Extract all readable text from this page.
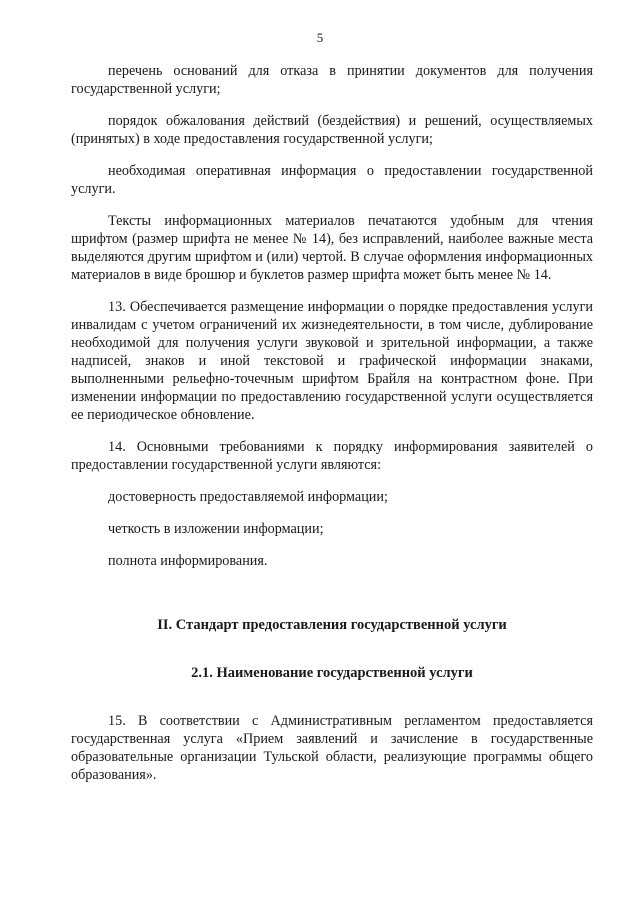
5

перечень оснований для отказа в принятии документов для получения государственной услуги;

порядок обжалования действий (бездействия) и решений, осуществляемых (принятых) в ходе предоставления государственной услуги;

необходимая оперативная информация о предоставлении государственной услуги.

Тексты информационных материалов печатаются удобным для чтения шрифтом (размер шрифта не менее № 14), без исправлений, наиболее важные места выделяются другим шрифтом и (или) чертой. В случае оформления информационных материалов в виде брошюр и буклетов размер шрифта может быть менее № 14.

13. Обеспечивается размещение информации о порядке предоставления услуги инвалидам с учетом ограничений их жизнедеятельности, в том числе, дублирование необходимой для получения услуги звуковой и зрительной информации, а также надписей, знаков и иной текстовой и графической информации знаками, выполненными рельефно-точечным шрифтом Брайля на контрастном фоне. При изменении информации по предоставлению государственной услуги осуществляется ее периодическое обновление.

14. Основными требованиями к порядку информирования заявителей о предоставлении государственной услуги являются:

достоверность предоставляемой информации;

четкость в изложении информации;

полнота информирования.

II. Стандарт предоставления государственной услуги

2.1. Наименование государственной услуги

15. В соответствии с Административным регламентом предоставляется государственная услуга «Прием заявлений и зачисление в государственные образовательные организации Тульской области, реализующие программы общего образования».
